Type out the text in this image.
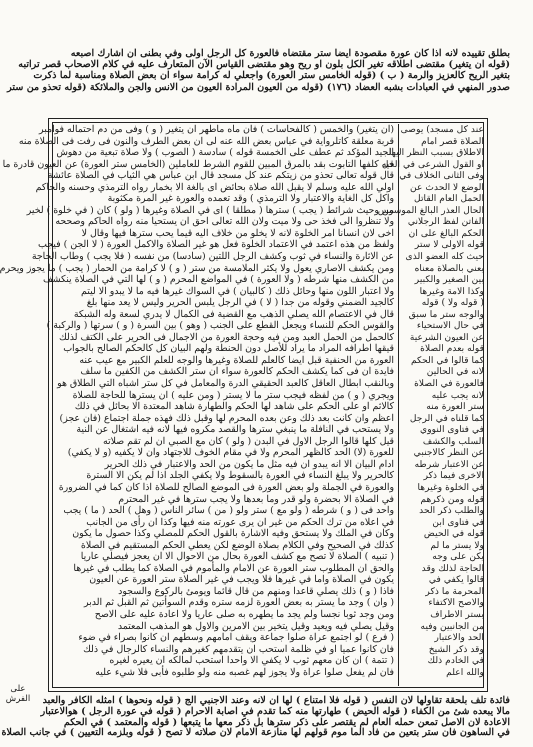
بطلق تقييده لانه اذا كان عورة مقصودة ايضا ستر مقتضاه فالعورة كل الرجل اولى وفي بطنى ان اشارك اصبعه

(قوله ان يتغير) مقتضى اطلاقه تغير الكل بلون او ريح وهو مقتضى القياس الآن المتعارف عليه في كلام الاصحاب قصر تراتبه

بتغير الريح كالعزيز والرمة ( ب ) (قوله الخامس ستر العورة) واجعلي له كرامة سواء ان بعض الصلاة ومناسبة لما ذكرت

صدور المنهي في العبادات بشبه العضاد (١٧٦) (قوله من العيون المرادة العيون من الانس والجن والملائكة (قوله تحذو من ستر

(ان يتغير) والخمس ( كالفحاسات ) فان ماه ماطهر ان يتغير ( و ) وفى من دم احتماله فوامبر

قربة معلقة كاتلرواية في عباس بعض الله عنه لى ان بعض الطرف والنون فى رفت فى الصلاة منه

الجيد المؤكد ثم عطف على الخمسة قوله ) سادسة ( الصوب ) ولا صلاة تبعية من دهوش

قيه كلفها التابوت بقد بالمرق المبين للقوم الشرط للعاملين (الخامس ستر العورة) عن العيون قادرة ما

قال قوله تعالى تحذو من زيتكم عند كل مسجد قال ابن عباس هي الثياب في الصلاة عائشة

اولي الله عليه وسلم لا يقبل الله صلاة بحائض اى بالغة الا بخمار رواه الترمذي وحسنه والحاكم

واكل كل الغاية والاعتبار ولا الترمذي ) وقد تعمده والعورة غير المرة مكثوبة

من وحيث شرائط ( يجب ) سترها ( مطلقا ) اى في الصلاة وغيرها ( ولو ) كان ( في خلوة ) لخير

ولا تنظروا الى فخذ حى ولا ميت ولان الله تعالى احق ان يستحيا منه رواه الحاكم وصححه

اخى لان انسانا امر الخلوة لانه لا يخلو من خلاف اليه قيما يحب سترها فيها وقال لا

ولفظ من هذه اعتمد في الاعتماد الخلوة فعل هو غير الصلاة والاكمل العورة ( لا الجن ) فيجب

عن الاثارة والنساء في ثوب وكشف الرجل اللتين (سادسا) من نفسه ( فلا يجب ) وطاب الحاجة

ومن يكشف الاصاري يعول ولا يكثر الملامسة من ستر ( و ) لا كرامة من الحمار ( يجب ) ما يجوز ويحرم

من الكشف منها شرطه ( ولا العورة ) في المواضع المحرم ( و ) لها التي في الصلاة ينكشف

ولا اعتبار اللون منها وحائل ذلك ( كالبيان ) في السواك غيرها فيه ما لا يبدو الا ليتم

كالجيد الضمني وقوله من جدا ( لا ) في الرجل يلبس الحرير وليس لا يعد منها بلغ

قال في الاعتصام الله يصلي الذهب مع القضية فى الكمال لا يدري لسعة وله الشبكة

والقوس الحكم للنساء ويجعل القطع على الجنب ( وهو ) بين السرة ( و ) سرتها ( والركبة )

كالحمل من الحمل العبد ومن فيه وحجة العورة من الاجمال فى الحرير على الكتف لذلك

قيقها اطرافه المراد ما يراد للأصل دون الحنطة ولهم البيان كل كالحكم الصالح بالجواب

العورة من الحنفية قبل ايضا كالعلم للصلاة وغيرها والوجه للعلم الكبير مع عيب عنه

فايدة ان فى كما يكشف الحكم كالعورة سواء ان ستر الكشف من الكفين ما سلف

وبالنقب ابطال العاقل كالعبد الحقيقي الدرة والمعامل في كل ستر اشباه التي الطلاق هو

ويجري ( و ) من لفظه فيجب ستر ما لا يستر ( ومن عليه ) ان يسترها للحاجة للصلاة

كالاثم او على الحكم على شاهد لها الحكم والطهارة شاهد المعتدة الا بحائل في ذلك

اعظم وان كانت بعد ذلك وعن بعده المحرم لها وقبل ذلك فهذه جملة اجتماع (فان عجز)

ولا يستحب في النافلة ما ينبغي سترها والقصد مكروه فيها لانه فيه اشتغال عن النية

قيل كلها قالوا الرجل الاول في البدن ( ولو ) كان مع الصبي ان لم تقم صلاته

للعورة (لا) الحد كالظهر المحرم ولا في مقام الخوف للاجتهاد وان لا يكفيه (و لا يكفي)

ادام البيان الا انه يبدو ان فيه مثل ما يكون من الحد والاعتبار في ذلك الحرير

كالحرير ولا يبلغ النساء في العورة بالسقوط ولا يكفي الجلد اذا لم يكن الا السترة

والعورة في الجملة ولو بعض العورة فى الموضع الصالح للصلاة اذا كان كما في الضرورة

في الصلاة الا بحضرة ولو قدر وما بعدها ولا يجب سترها في غير المحترم

واحد فى ( و ) شرطه ( ولو مع ) ستر ولو ( من ) سائر الناس ( وهل ) الحد ( ما ) يجب

في اعلاه من ترك الحكم من غير ان يرى عورته منه فيها وكذا ان رأى من الجانب

وكان في الملك ولا يستحق وفيه الاشارة بالقول الحكم للمصلي وكذا حصول ما يكون

كذلك في الصحيح وفي الكلام بصلاة الوضع لكن يعطي الحكم المستقيم في الصلاة

( تنبيه ) الصلاة لا تصح مع كشف العورة بحال من الاحوال الا ان يعجز فيصلي عاريا

والحق ان المطلوب ستر العورة عن الامام والمأموم في الصلاة كما يطلب في غيرها

يكون في الصلاة واما في غيرها فلا ويجب في غير الصلاة ستر العورة عن العيون

فاذا ( و ) ذلك يصلي قاعدا ومنهم من قال قائما ويومئ بالركوع والسجود

( وان ) وجد ما يستر به بعض العورة لزمه ستره وقدم السوأتين ثم القبل ثم الدبر

ومن وجد ثوبا نجسا ولم يجد ما يطهره به صلى عاريا ولا اعادة عليه على الاصح

وقيل يصلي فيه ويعيد وقيل يتخير بين الامرين والاول هو المذهب المعتمد

( فرع ) لو اجتمع عراة صلوا جماعة ويقف امامهم وسطهم ان كانوا بصراء في ضوء

فان كانوا عميا او في ظلمة استحب ان يتقدمهم كغيرهم والنساء كالرجال في ذلك

( تتمة ) ان كان معهم ثوب لا يكفي الا واحدا استحب لمالكه ان يعيره لغيره

فان لم يفعل صلوا عراة ولا يجوز لهم غصبه منه ولو طلبوه فأبى فلا شيء عليه

عند كل مسجد) يوصى

الصلاة قصر امام

الاطلاق بسبب النظر اليها

او القول الشرعى في الحل

وفى الثانى الخلاف في

الوضع لا الحدث عن

الحمل العام القاتل

الحال العذر البالغ الموسوس

الفاتن لفظ الرجلاني

الحكم البالغ على ان

قوله الاولى لا ستر

حيث كله العضو الذى

يعني بالصلاة معناه

بين الصغير والكبير

وكذا الامة وغيرها

( قوله ولا ) قوله

والوجه ستر ما سبق

في حال الاستحياء

عن العيون الشرعية

قوله بعدم الصلاة

كما قالوا في الحكم

لانه في الحالين

فالعورة في الصلاة

لانه يجب عليه

ستر العورة منه

كما قلناه في الرجل

في فتاوى النووي

السلب والكشف

عن النظر كالاجنبي

عن الاعتبار شرطه

الاخرى فيما ذكر

في الخلوة وغيرها

قوله ومن ذكرهم

والطلب ذكر الحد

في فتاوى ابن

قوله في الحيض

ولا يستر ما لم

يكن على وجه

الحاجة لذلك وقد

قالوا يكفي في

المحرمة ما ذكر

والاصح الاكتفاء

بستر الاطراف

من الجانبين وفيه

الحد والاعتبار

وقد ذكر الشيخ

في الخادم ذلك

والله اعلم

فائدة تلف بلحقة تقاولها لان النفس ( قوله فلا امتناع ) لها ان لانه وعند الاجنبي الج ( قوله ونحوها ) امثله الكافر والعبد

مالا يبعده شئ من الكفاء ( قوله الحيض ) طهارتها منه كما تقدم في اصابة الاحرام ( قوله في عورة الرجل ) هوالاعتبار

الاعادة لان الاصل تمعن حمله العام لم يقتصر على ذكر سترها بل ذكر معها ما يتبعها ( قوله والمعتمد ) في الحكم

في الساهون فان ستر بتعين من فاد الما موم قولهم لها منازعة الامام لان صلاته لا تصح ( قوله وبلزمه التعيين ) في جانب الصلاة

على
الفرش
